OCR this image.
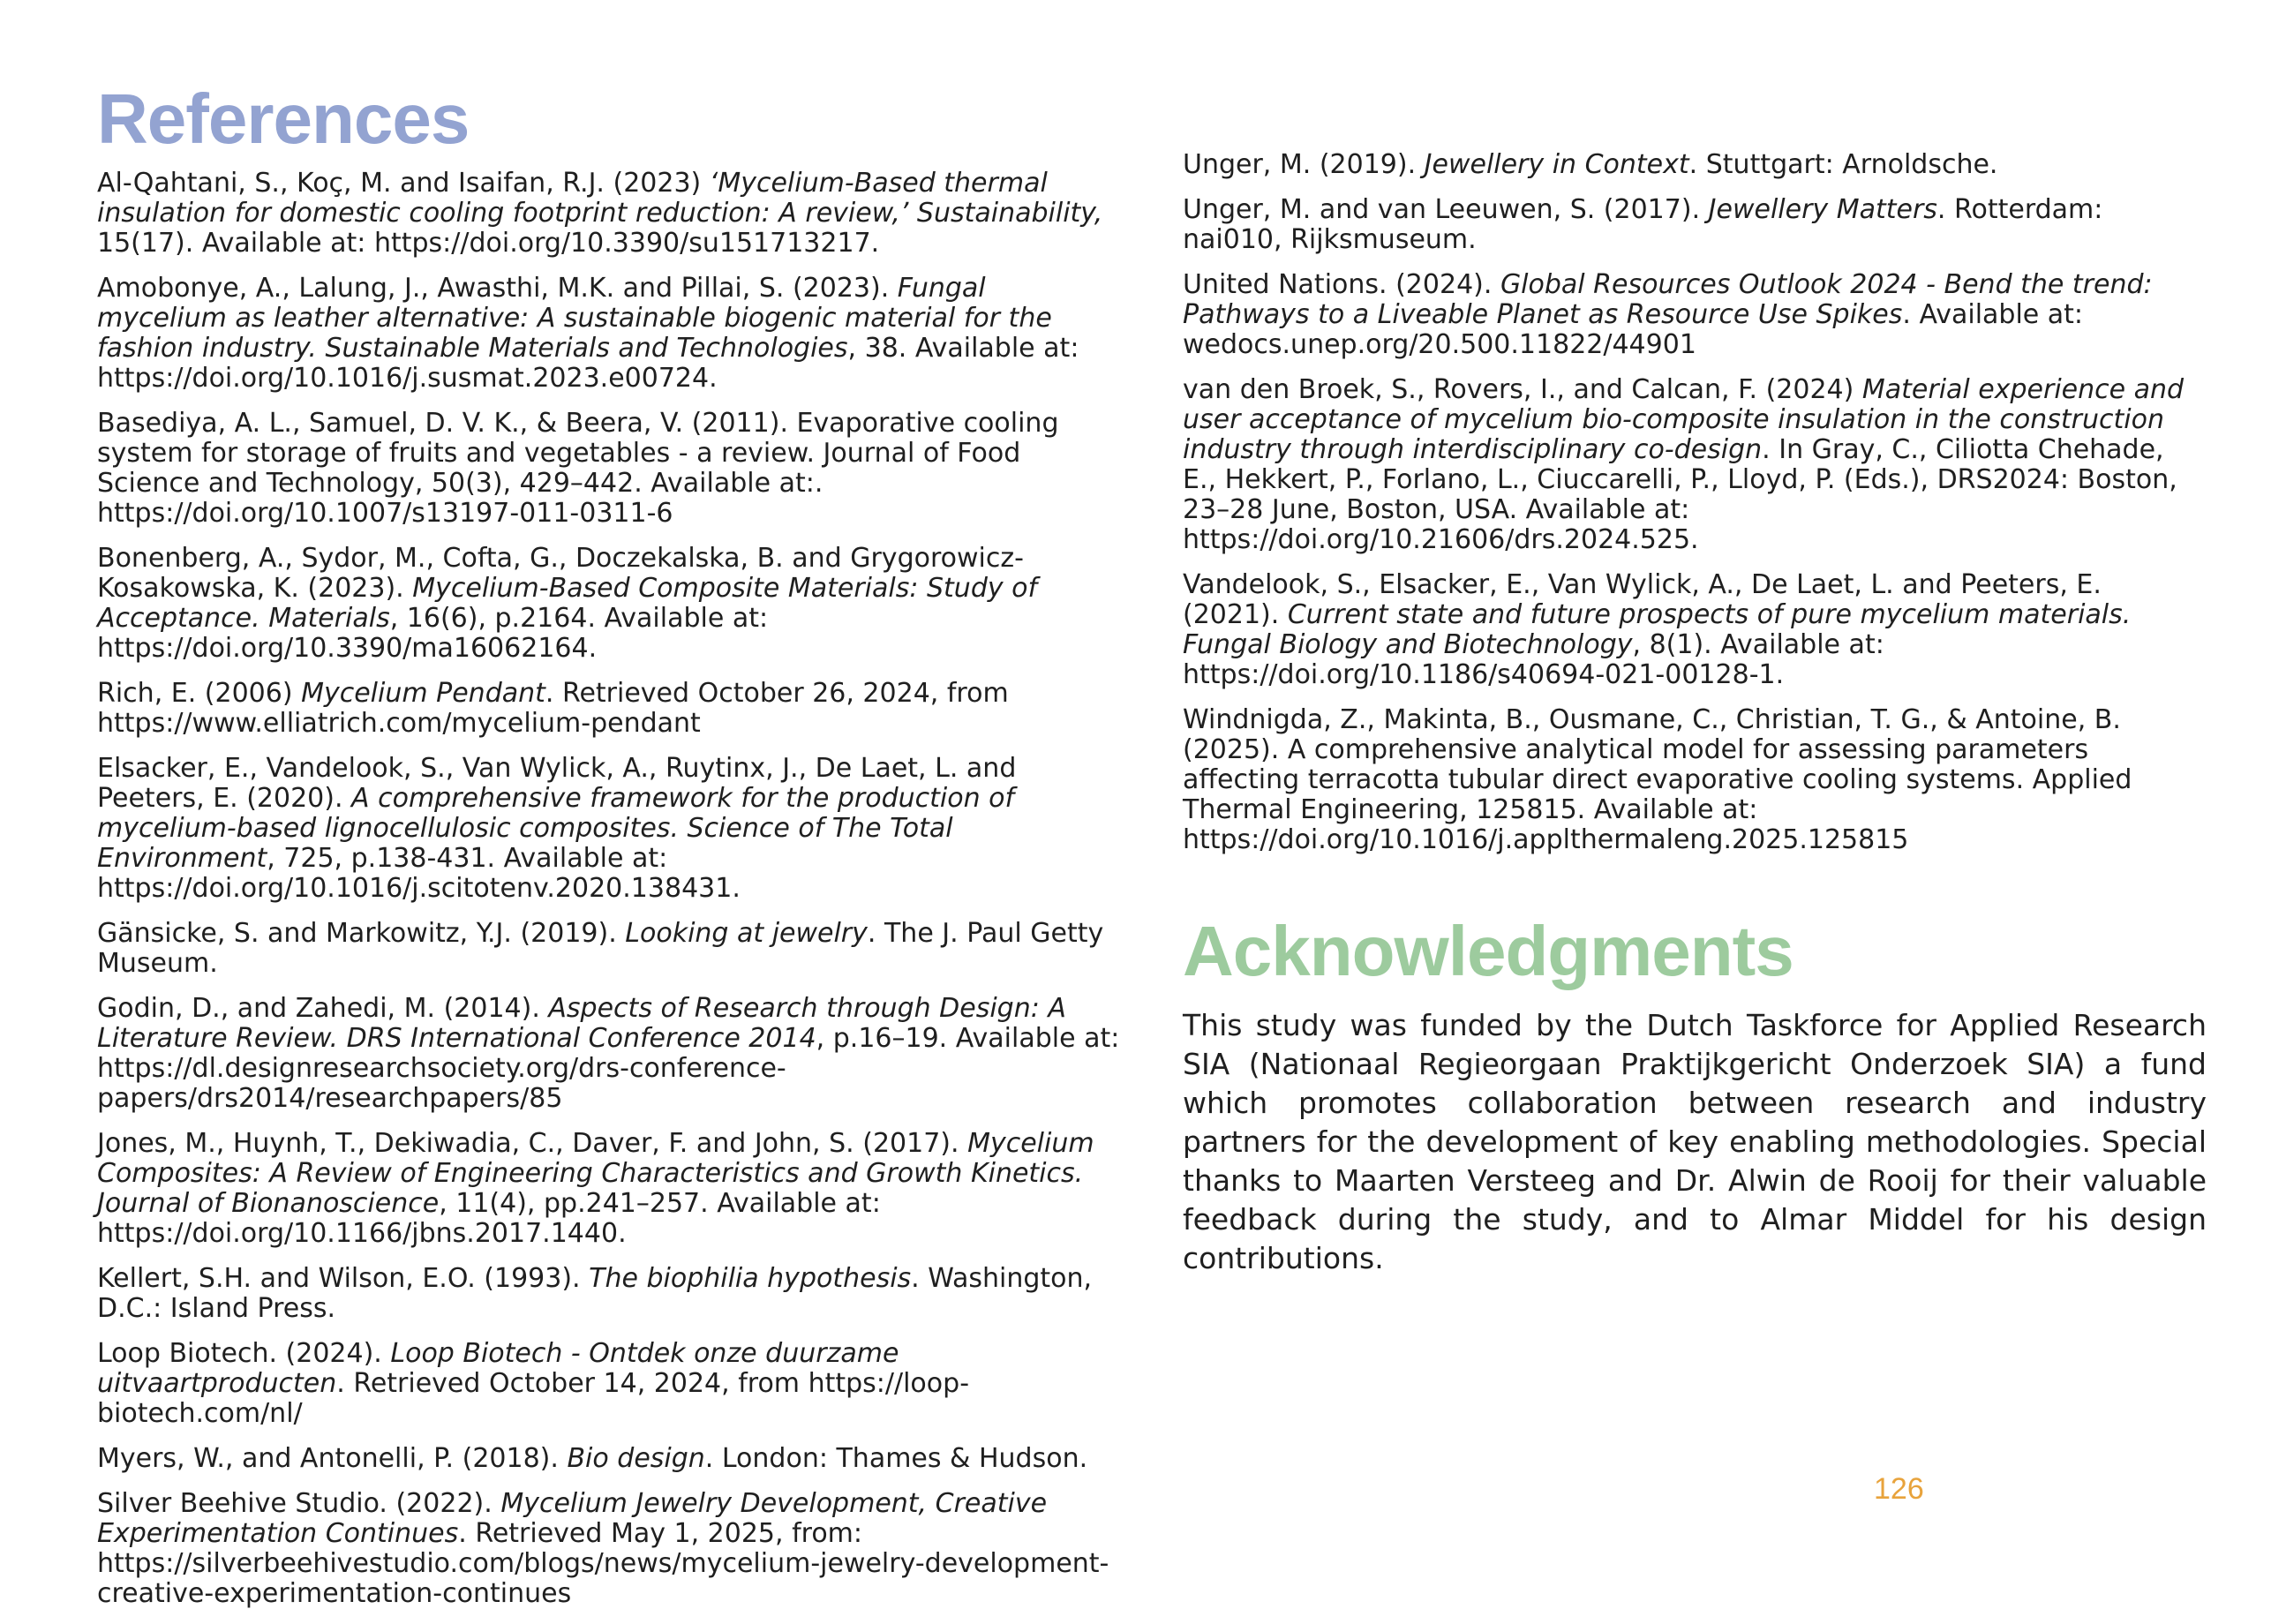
References

Al-Qahtani, S., Koç, M. and Isaifan, R.J. (2023) ‘Mycelium-Based thermal insulation for domestic cooling footprint reduction: A review,’ Sustainability, 15(17). Available at: https://doi.org/10.3390/su151713217.

Amobonye, A., Lalung, J., Awasthi, M.K. and Pillai, S. (2023). Fungal mycelium as leather alternative: A sustainable biogenic material for the fashion industry. Sustainable Materials and Technologies, 38. Available at: https://doi.org/10.1016/j.susmat.2023.e00724.

Basediya, A. L., Samuel, D. V. K., & Beera, V. (2011). Evaporative cooling system for storage of fruits and vegetables - a review. Journal of Food Science and Technology, 50(3), 429–442. Available at:. https://doi.org/10.1007/s13197-011-0311-6

Bonenberg, A., Sydor, M., Cofta, G., Doczekalska, B. and Grygorowicz-Kosakowska, K. (2023). Mycelium-Based Composite Materials: Study of Acceptance. Materials, 16(6), p.2164. Available at: https://doi.org/10.3390/ma16062164.

Rich, E. (2006) Mycelium Pendant. Retrieved October 26, 2024, from https://www.elliatrich.com/mycelium-pendant

Elsacker, E., Vandelook, S., Van Wylick, A., Ruytinx, J., De Laet, L. and Peeters, E. (2020). A comprehensive framework for the production of mycelium-based lignocellulosic composites. Science of The Total Environment, 725, p.138-431. Available at: https://doi.org/10.1016/j.scitotenv.2020.138431.

Gänsicke, S. and Markowitz, Y.J. (2019). Looking at jewelry. The J. Paul Getty Museum.

Godin, D., and Zahedi, M. (2014). Aspects of Research through Design: A Literature Review. DRS International Conference 2014, p.16–19. Available at: https://dl.designresearchsociety.org/drs-conference-papers/drs2014/researchpapers/85

Jones, M., Huynh, T., Dekiwadia, C., Daver, F. and John, S. (2017). Mycelium Composites: A Review of Engineering Characteristics and Growth Kinetics. Journal of Bionanoscience, 11(4), pp.241–257. Available at: https://doi.org/10.1166/jbns.2017.1440.

Kellert, S.H. and Wilson, E.O. (1993). The biophilia hypothesis. Washington, D.C.: Island Press.

Loop Biotech. (2024). Loop Biotech - Ontdek onze duurzame uitvaartproducten. Retrieved October 14, 2024, from https://loop-biotech.com/nl/

Myers, W., and Antonelli, P. (2018). Bio design. London: Thames & Hudson.

Silver Beehive Studio. (2022). Mycelium Jewelry Development, Creative Experimentation Continues. Retrieved May 1, 2025, from: https://silverbeehivestudio.com/blogs/news/mycelium-jewelry-development-creative-experimentation-continues

Unger, M. (2019). Jewellery in Context. Stuttgart: Arnoldsche.

Unger, M. and van Leeuwen, S. (2017). Jewellery Matters. Rotterdam: nai010, Rijksmuseum.

United Nations. (2024). Global Resources Outlook 2024 - Bend the trend: Pathways to a Liveable Planet as Resource Use Spikes. Available at: wedocs.unep.org/20.500.11822/44901

van den Broek, S., Rovers, I., and Calcan, F. (2024) Material experience and user acceptance of mycelium bio-composite insulation in the construction industry through interdisciplinary co-design. In Gray, C., Ciliotta Chehade, E., Hekkert, P., Forlano, L., Ciuccarelli, P., Lloyd, P. (Eds.), DRS2024: Boston, 23–28 June, Boston, USA. Available at: https://doi.org/10.21606/drs.2024.525.

Vandelook, S., Elsacker, E., Van Wylick, A., De Laet, L. and Peeters, E. (2021). Current state and future prospects of pure mycelium materials. Fungal Biology and Biotechnology, 8(1). Available at: https://doi.org/10.1186/s40694-021-00128-1.

Windnigda, Z., Makinta, B., Ousmane, C., Christian, T. G., & Antoine, B. (2025). A comprehensive analytical model for assessing parameters affecting terracotta tubular direct evaporative cooling systems. Applied Thermal Engineering, 125815. Available at: https://doi.org/10.1016/j.applthermaleng.2025.125815

Acknowledgments

This study was funded by the Dutch Taskforce for Applied Research SIA (Nationaal Regieorgaan Praktijkgericht Onderzoek SIA) a fund which promotes collaboration between research and industry partners for the development of key enabling methodologies. Special thanks to Maarten Versteeg and Dr. Alwin de Rooij for their valuable feedback during the study, and to Almar Middel for his design contributions.

126
